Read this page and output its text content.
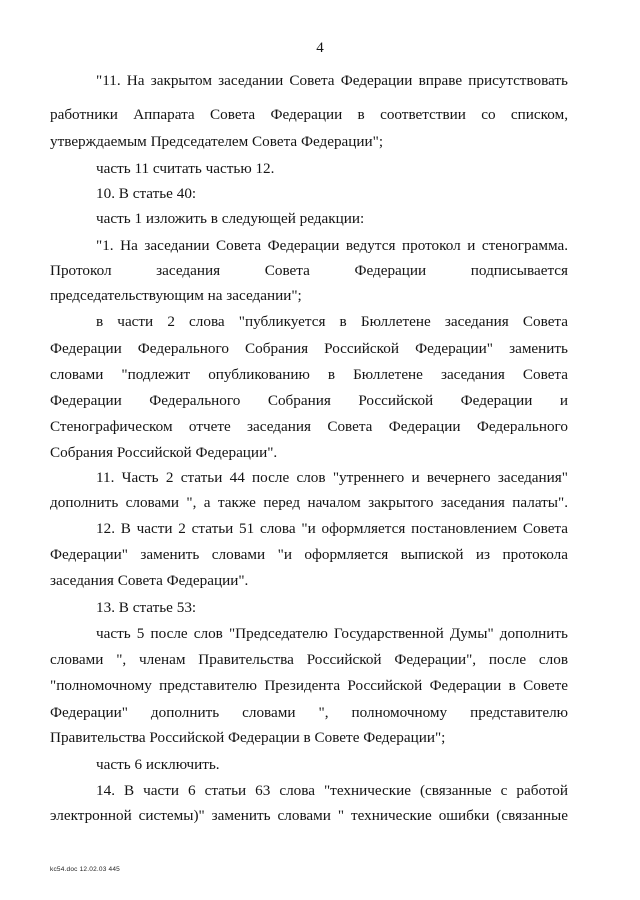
4
"11. На закрытом заседании Совета Федерации вправе присутствовать
работники Аппарата Совета Федерации в соответствии со списком,
утверждаемым Председателем Совета Федерации";
часть 11 считать частью 12.
10. В статье 40:
часть 1 изложить в следующей редакции:
"1. На заседании Совета Федерации ведутся протокол и стенограмма.
Протокол заседания Совета Федерации подписывается
председательствующим на заседании";
в части 2 слова "публикуется в Бюллетене заседания Совета
Федерации Федерального Собрания Российской Федерации" заменить
словами "подлежит опубликованию в Бюллетене заседания Совета
Федерации Федерального Собрания Российской Федерации и
Стенографическом отчете заседания Совета Федерации Федерального
Собрания Российской Федерации".
11. Часть 2 статьи 44 после слов "утреннего и вечернего заседания"
дополнить словами ", а также перед началом закрытого заседания палаты".
12. В части 2 статьи 51 слова "и оформляется постановлением Совета
Федерации" заменить словами "и оформляется выпиской из протокола
заседания Совета Федерации".
13. В статье 53:
часть 5 после слов "Председателю Государственной Думы" дополнить
словами ", членам Правительства Российской Федерации", после слов
"полномочному представителю Президента Российской Федерации в Совете
Федерации" дополнить словами ", полномочному представителю
Правительства Российской Федерации в Совете Федерации";
часть 6 исключить.
14. В части 6 статьи 63 слова "технические (связанные с работой
электронной системы)" заменить словами " технические ошибки (связанные
kc54.doc 12.02.03 445
